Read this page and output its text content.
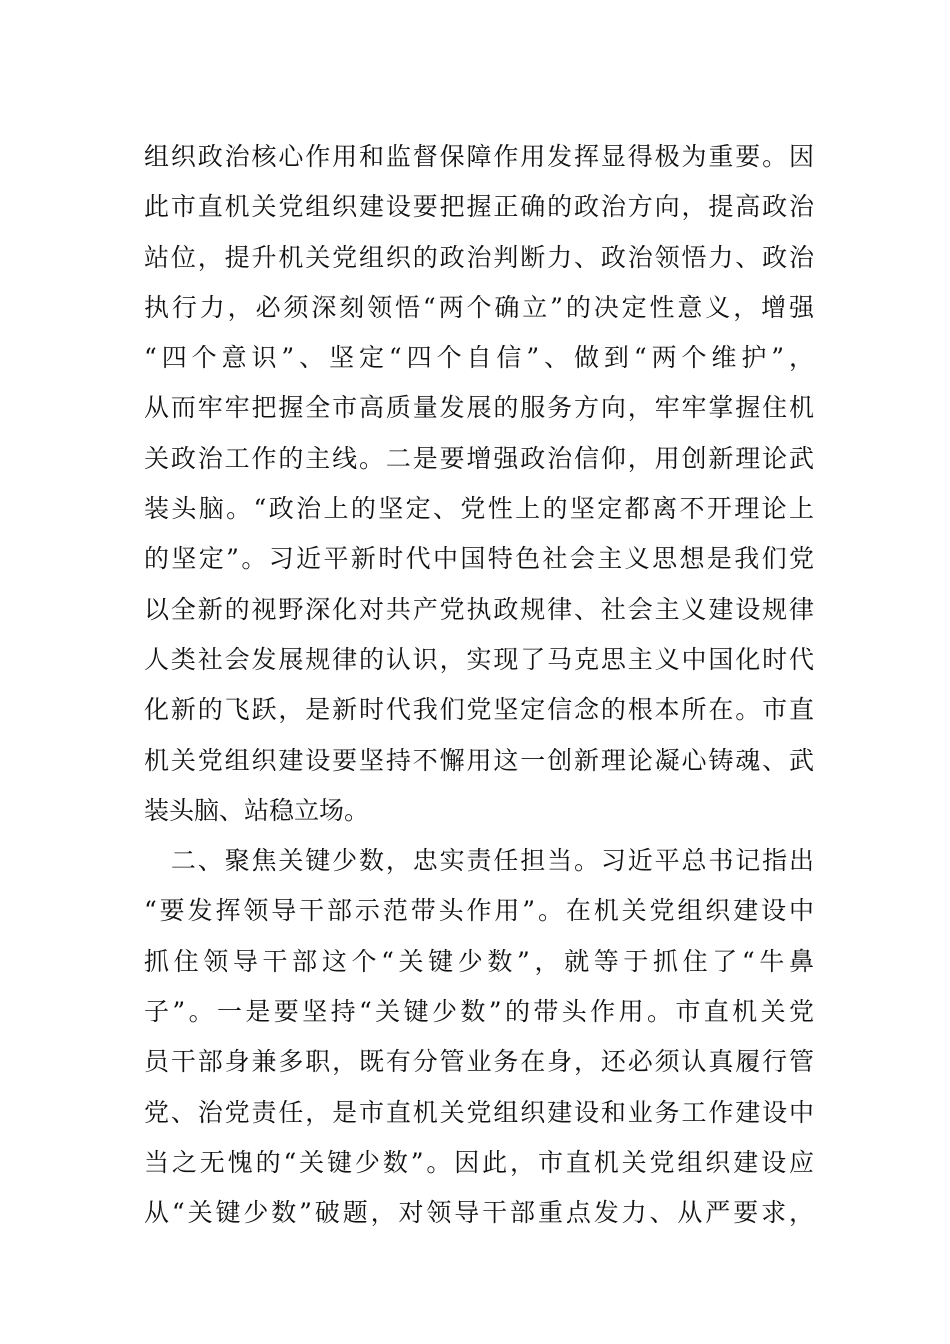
组织政治核心作用和监督保障作用发挥显得极为重要。因
此市直机关党组织建设要把握正确的政治方向，提高政治
站位，提升机关党组织的政治判断力、政治领悟力、政治
执行力，必须深刻领悟“两个确立”的决定性意义，增强
“四个意识”、坚定“四个自信”、做到“两个维护”，
从而牢牢把握全市高质量发展的服务方向，牢牢掌握住机
关政治工作的主线。二是要增强政治信仰，用创新理论武
装头脑。“政治上的坚定、党性上的坚定都离不开理论上
的坚定”。习近平新时代中国特色社会主义思想是我们党
以全新的视野深化对共产党执政规律、社会主义建设规律
人类社会发展规律的认识，实现了马克思主义中国化时代
化新的飞跃，是新时代我们党坚定信念的根本所在。市直
机关党组织建设要坚持不懈用这一创新理论凝心铸魂、武
装头脑、站稳立场。
　二、聚焦关键少数，忠实责任担当。习近平总书记指出
“要发挥领导干部示范带头作用”。在机关党组织建设中
抓住领导干部这个“关键少数”，就等于抓住了“牛鼻
子”。一是要坚持“关键少数”的带头作用。市直机关党
员干部身兼多职，既有分管业务在身，还必须认真履行管
党、治党责任，是市直机关党组织建设和业务工作建设中
当之无愧的“关键少数”。因此，市直机关党组织建设应
从“关键少数”破题，对领导干部重点发力、从严要求，
